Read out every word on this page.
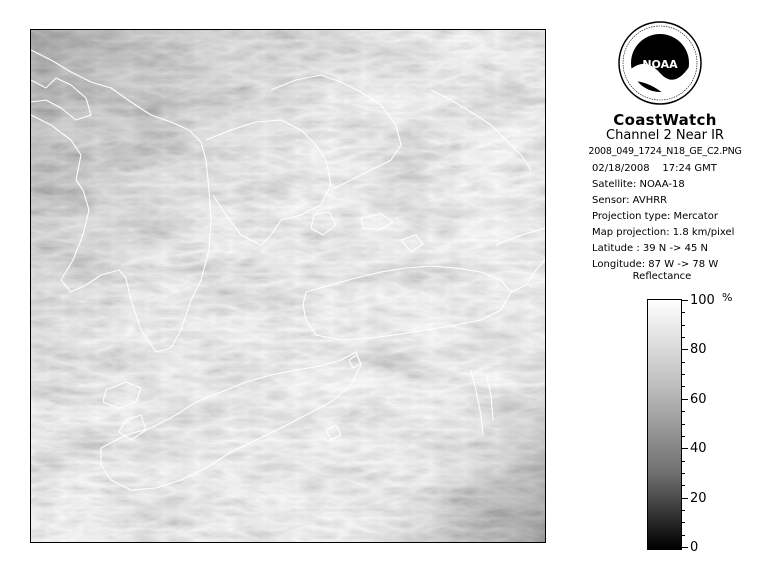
NOAA
CoastWatch
Channel 2 Near IR
2008_049_1724_N18_GE_C2.PNG
02/18/2008 17:24 GMT
Satellite: NOAA-18
Sensor: AVHRR
Projection type: Mercator
Map projection: 1.8 km/pixel
Latitude : 39 N -> 45 N
Longitude: 87 W -> 78 W
Reflectance
%
100
80
60
40
20
0
